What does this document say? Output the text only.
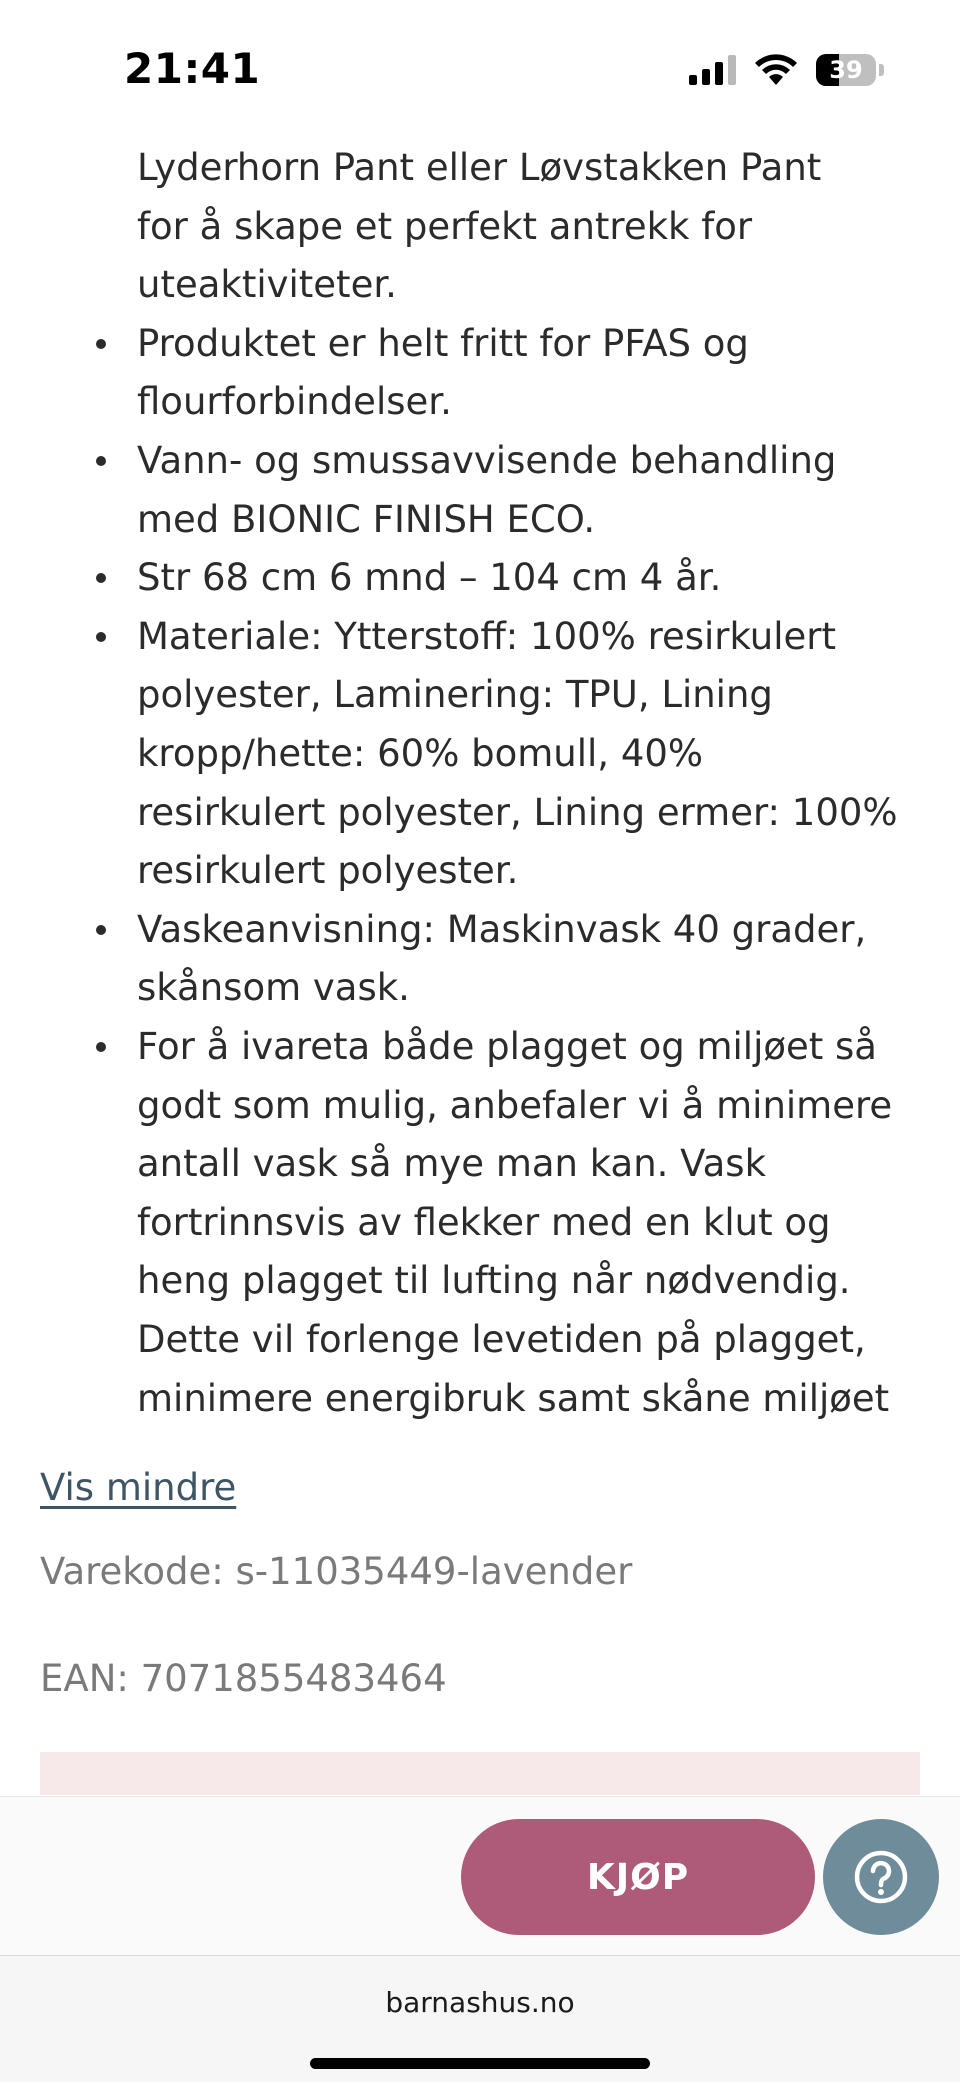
21:41	39
Lyderhorn Pant eller Løvstakken Pant
for å skape et perfekt antrekk for
uteaktiviteter.
Produktet er helt fritt for PFAS og
flourforbindelser.
Vann- og smussavvisende behandling
med BIONIC FINISH ECO.
Str 68 cm 6 mnd – 104 cm 4 år.
Materiale: Ytterstoff: 100% resirkulert
polyester, Laminering: TPU, Lining
kropp/hette: 60% bomull, 40%
resirkulert polyester, Lining ermer: 100%
resirkulert polyester.
Vaskeanvisning: Maskinvask 40 grader,
skånsom vask.
For å ivareta både plagget og miljøet så
godt som mulig, anbefaler vi å minimere
antall vask så mye man kan. Vask
fortrinnsvis av flekker med en klut og
heng plagget til lufting når nødvendig.
Dette vil forlenge levetiden på plagget,
minimere energibruk samt skåne miljøet
Vis mindre
Varekode: s-11035449-lavender
EAN: 7071855483464
KJØP
barnashus.no
